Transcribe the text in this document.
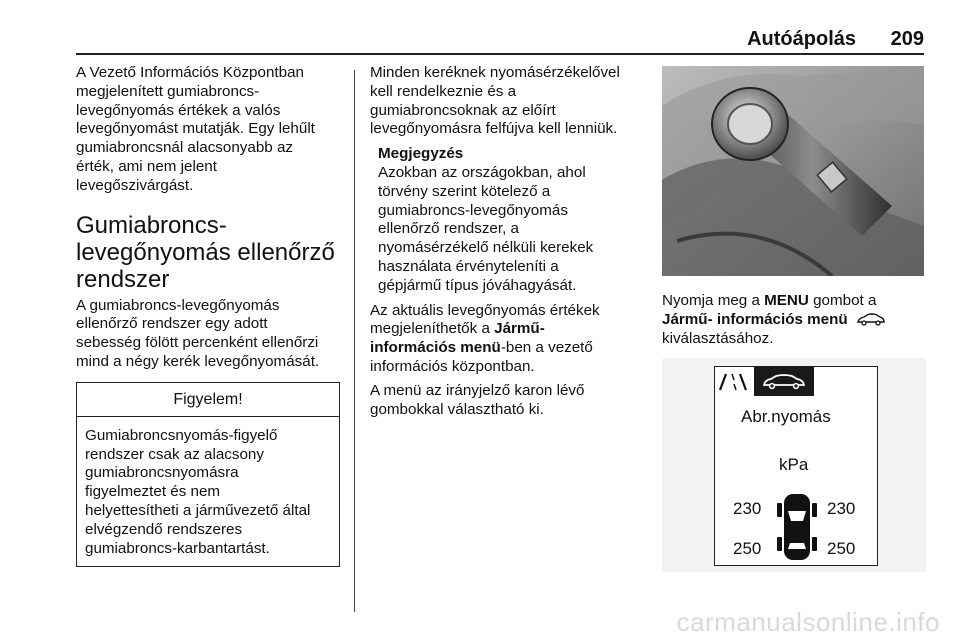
Autóápolás 209

A Vezető Információs Központban
megjelenített gumiabroncs-
levegőnyomás értékek a valós
levegőnyomást mutatják. Egy lehűlt
gumiabroncsnál alacsonyabb az
érték, ami nem jelent
levegőszivárgást.

Gumiabroncs-
levegőnyomás ellenőrző
rendszer

A gumiabroncs-levegőnyomás
ellenőrző rendszer egy adott
sebesség fölött percenként ellenőrzi
mind a négy kerék levegőnyomását.

Figyelem!
Gumiabroncsnyomás-figyelő
rendszer csak az alacsony
gumiabroncsnyomásra
figyelmeztet és nem
helyettesítheti a járművezető által
elvégzendő rendszeres
gumiabroncs-karbantartást.

Minden keréknek nyomásérzékelővel
kell rendelkeznie és a
gumiabroncsoknak az előírt
levegőnyomásra felfújva kell lenniük.

Megjegyzés

Azokban az országokban, ahol
törvény szerint kötelező a
gumiabroncs-levegőnyomás
ellenőrző rendszer, a
nyomásérzékelő nélküli kerekek
használata érvényteleníti a
gépjármű típus jóváhagyását.

Az aktuális levegőnyomás értékek
megjeleníthetők a Jármű-
információs menü-ben a vezető
információs központban.

A menü az irányjelző karon lévő
gombokkal választható ki.

Nyomja meg a MENU gombot a
Jármű- információs menü
kiválasztásához.

Abr.nyomás
kPa
230	230
250	250
carmanualsonline.info
